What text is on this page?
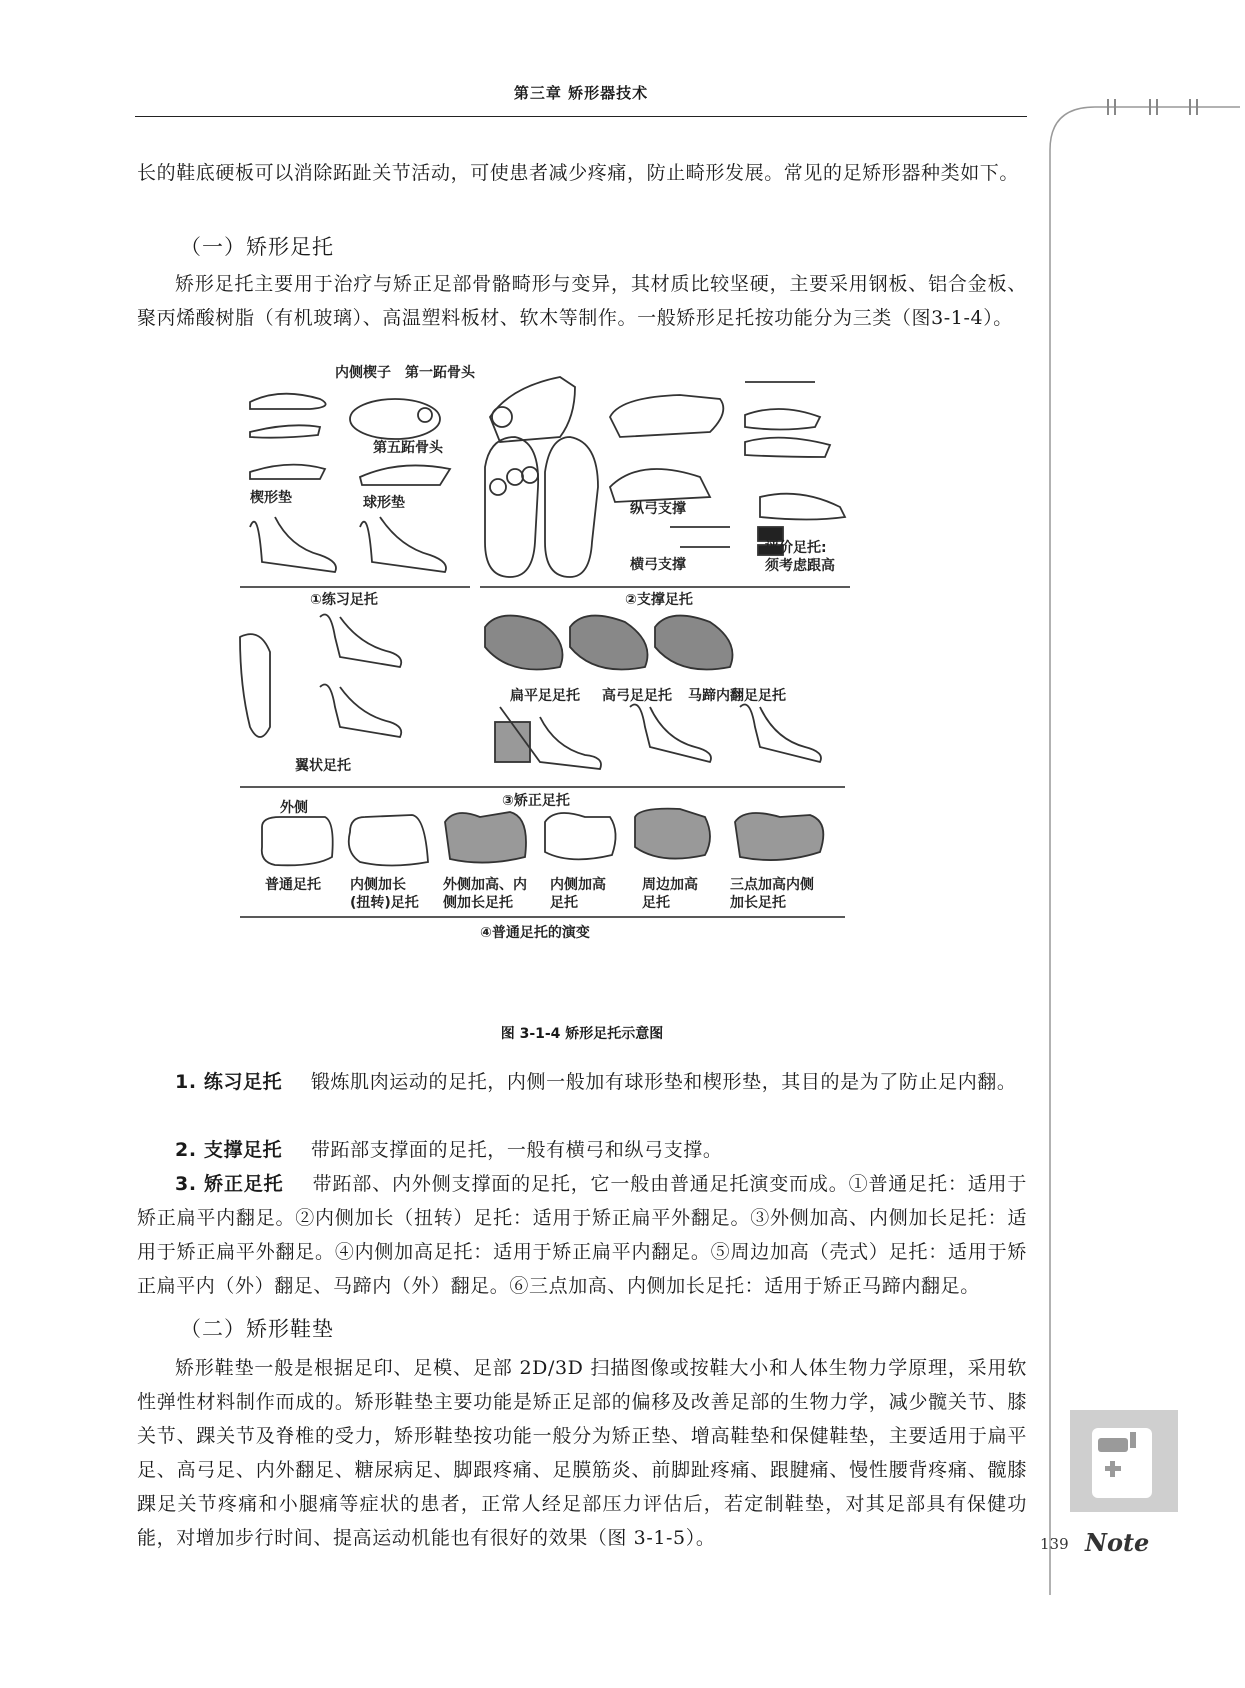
第三章 矫形器技术

长的鞋底硬板可以消除跖趾关节活动，可使患者减少疼痛，防止畸形发展。常见的足矫形器种类如下。

（一）矫形足托

矫形足托主要用于治疗与矫正足部骨骼畸形与变异，其材质比较坚硬，主要采用钢板、铝合金板、聚丙烯酸树脂（有机玻璃）、高温塑料板材、软木等制作。一般矫形足托按功能分为三类（图3-1-4）。

内侧楔子 第一跖骨头
第五跖骨头
楔形垫	球形垫
①练习足托
纵弓支撑
横弓支撑
评价足托:
须考虑跟高
②支撑足托
扁平足足托 高弓足足托 马蹄内翻足足托
翼状足托
③矫正足托
外侧
普通足托 内侧加长
(扭转)足托
外侧加高、内
侧加长足托
内侧加高
足托
周边加高
足托
三点加高内侧
加长足托
④普通足托的演变
图 3-1-4 矫形足托示意图

1. 练习足托 锻炼肌肉运动的足托，内侧一般加有球形垫和楔形垫，其目的是为了防止足内翻。

2. 支撑足托 带跖部支撑面的足托，一般有横弓和纵弓支撑。

3. 矫正足托 带跖部、内外侧支撑面的足托，它一般由普通足托演变而成。①普通足托：适用于矫正扁平内翻足。②内侧加长（扭转）足托：适用于矫正扁平外翻足。③外侧加高、内侧加长足托：适用于矫正扁平外翻足。④内侧加高足托：适用于矫正扁平内翻足。⑤周边加高（壳式）足托：适用于矫正扁平内（外）翻足、马蹄内（外）翻足。⑥三点加高、内侧加长足托：适用于矫正马蹄内翻足。

（二）矫形鞋垫

矫形鞋垫一般是根据足印、足模、足部 2D/3D 扫描图像或按鞋大小和人体生物力学原理，采用软性弹性材料制作而成的。矫形鞋垫主要功能是矫正足部的偏移及改善足部的生物力学，减少髋关节、膝关节、踝关节及脊椎的受力，矫形鞋垫按功能一般分为矫正垫、增高鞋垫和保健鞋垫，主要适用于扁平足、高弓足、内外翻足、糖尿病足、脚跟疼痛、足膜筋炎、前脚趾疼痛、跟腱痛、慢性腰背疼痛、髋膝踝足关节疼痛和小腿痛等症状的患者，正常人经足部压力评估后，若定制鞋垫，对其足部具有保健功能，对增加步行时间、提高运动机能也有很好的效果（图 3-1-5）。	Note
139
